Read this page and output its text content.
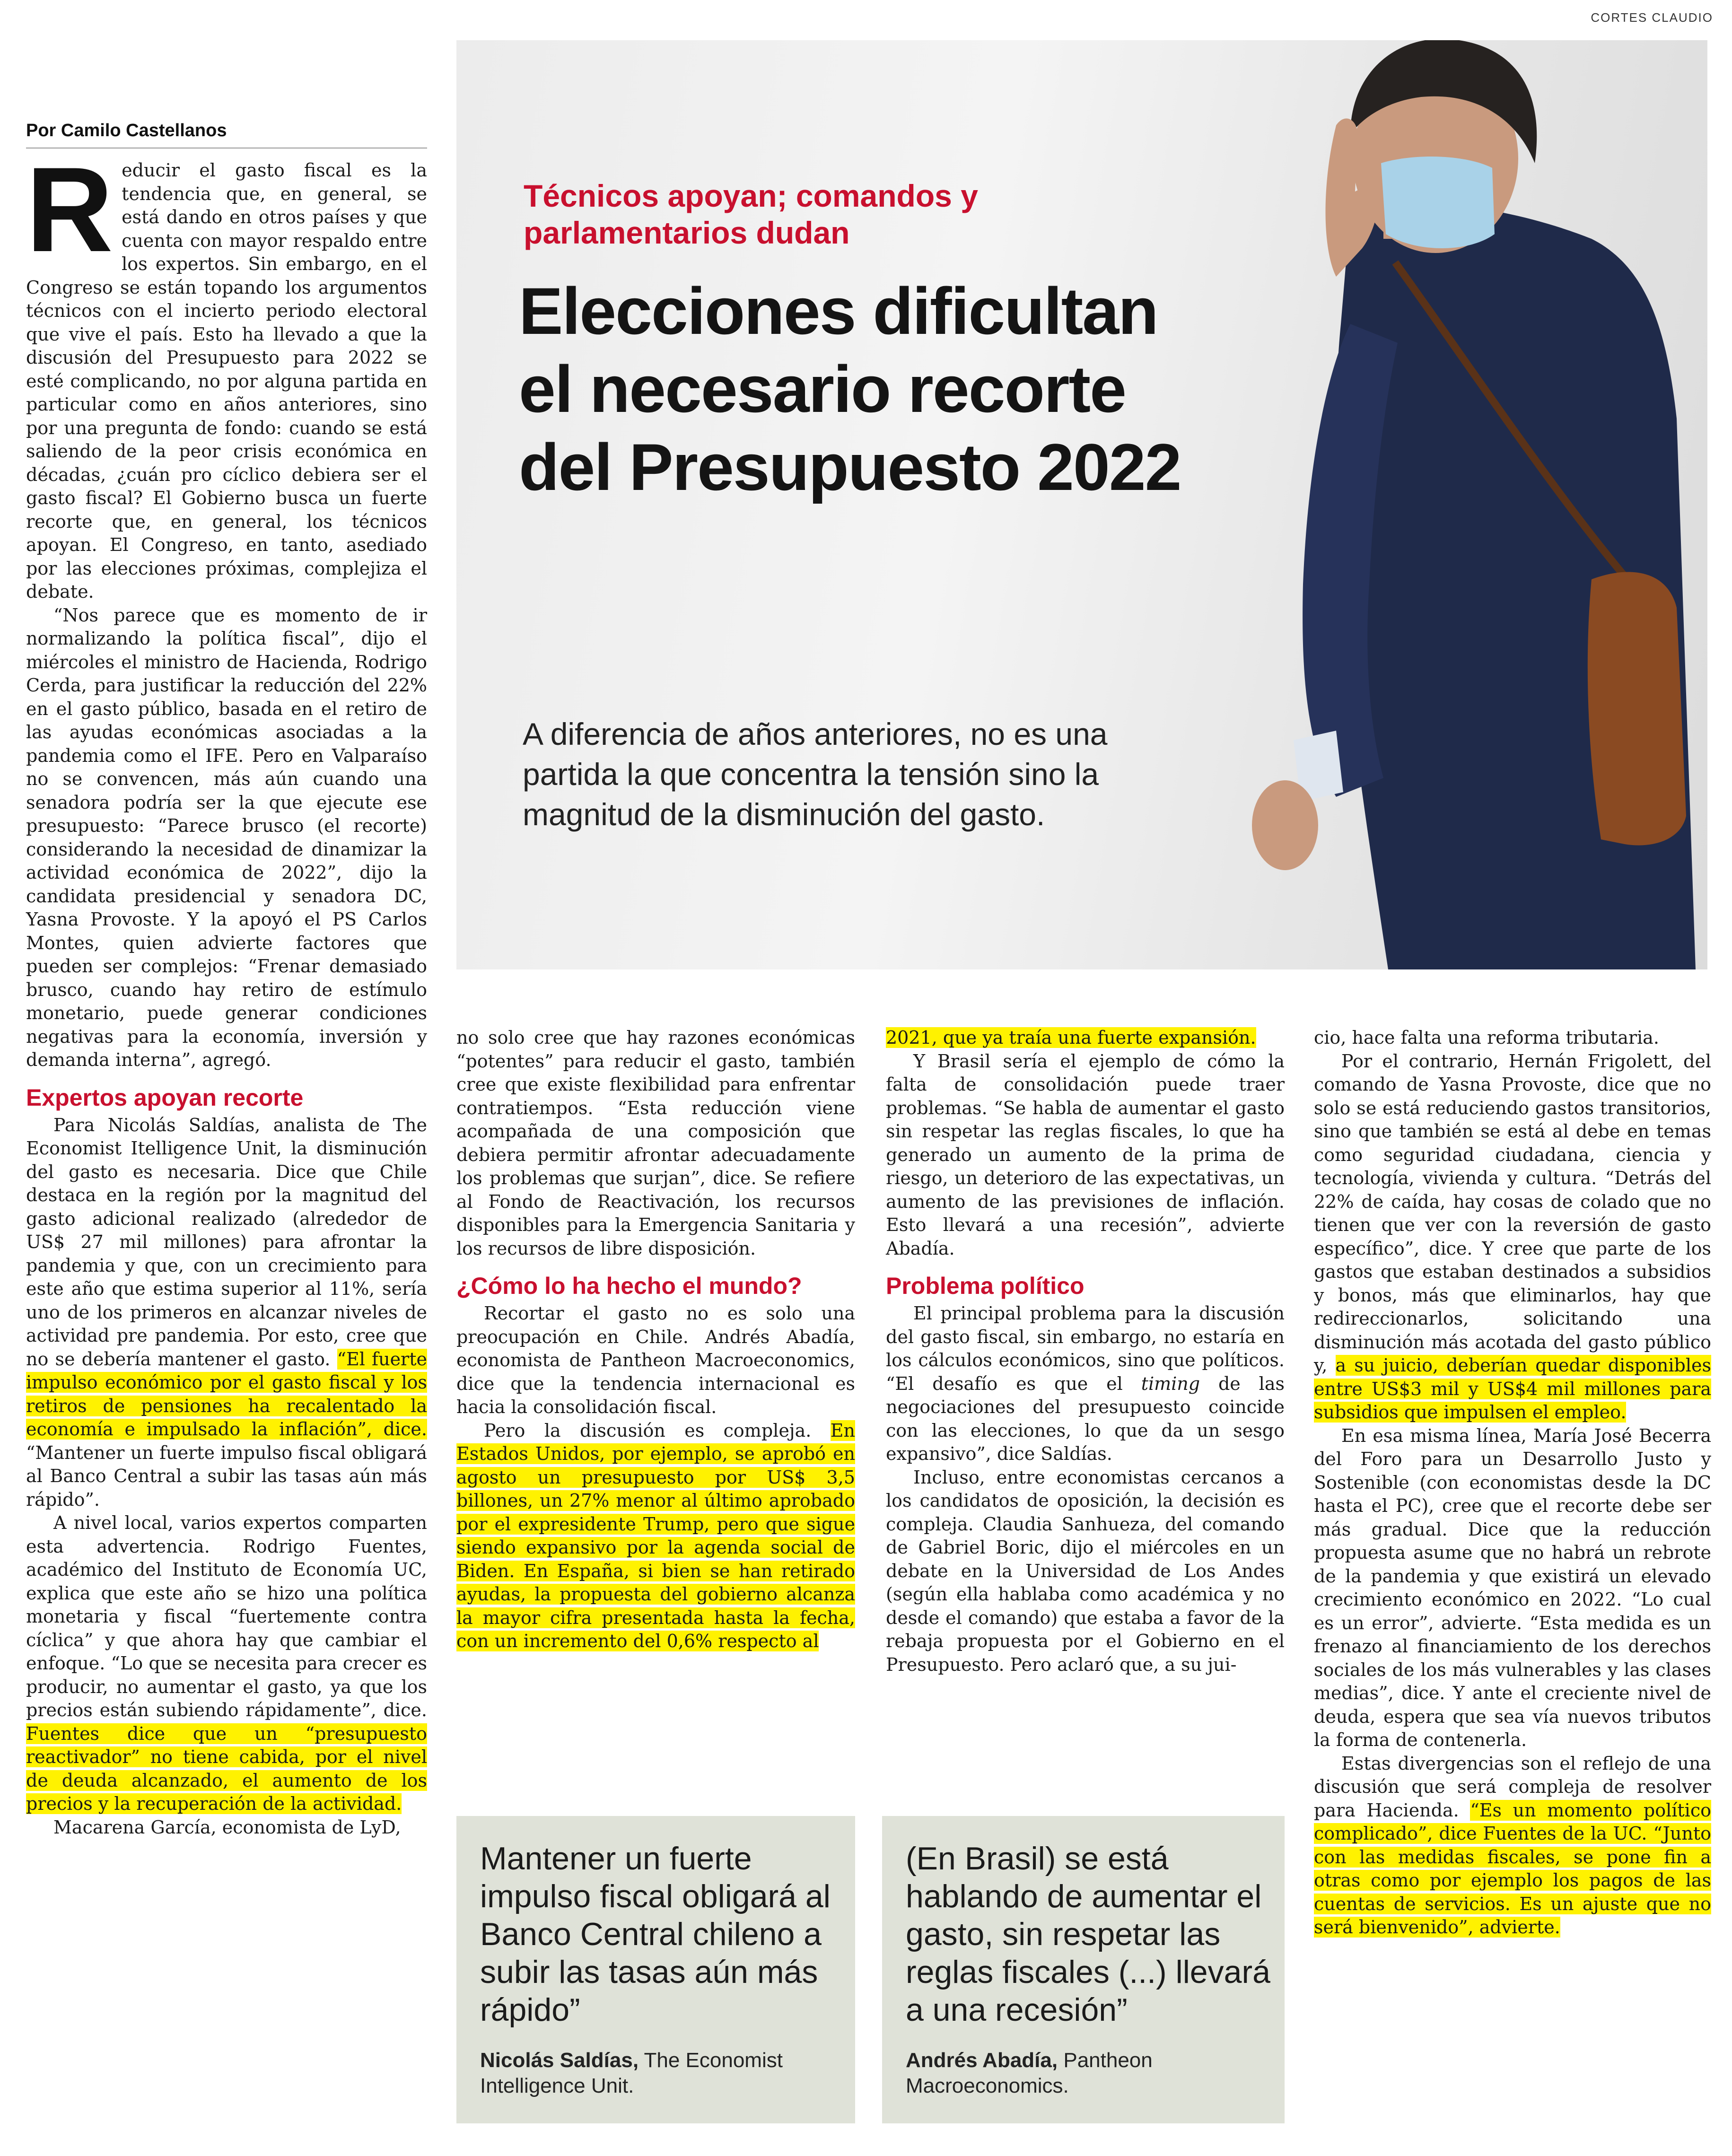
CORTES CLAUDIO
Técnicos apoyan; comandos y parlamentarios dudan
Elecciones dificultan el necesario recorte del Presupuesto 2022
A diferencia de años anteriores, no es una partida la que concentra la tensión sino la magnitud de la disminución del gasto.
Por Camilo Castellanos

Reducir el gasto fiscal es la tendencia que, en general, se está dando en otros países y que cuenta con mayor respaldo entre los expertos. Sin embargo, en el Congreso se están topando los argumentos técnicos con el incierto periodo electoral que vive el país. Esto ha llevado a que la discusión del Presupuesto para 2022 se esté complicando, no por alguna partida en particular como en años anteriores, sino por una pregunta de fondo: cuando se está saliendo de la peor crisis económica en décadas, ¿cuán pro cíclico debiera ser el gasto fiscal? El Gobierno busca un fuerte recorte que, en general, los técnicos apoyan. El Congreso, en tanto, asediado por las elecciones próximas, complejiza el debate.

“Nos parece que es momento de ir normalizando la política fiscal”, dijo el miércoles el ministro de Hacienda, Rodrigo Cerda, para justificar la reducción del 22% en el gasto público, basada en el retiro de las ayudas económicas asociadas a la pandemia como el IFE. Pero en Valparaíso no se convencen, más aún cuando una senadora podría ser la que ejecute ese presupuesto: “Parece brusco (el recorte) considerando la necesidad de dinamizar la actividad económica de 2022”, dijo la candidata presidencial y senadora DC, Yasna Provoste. Y la apoyó el PS Carlos Montes, quien advierte factores que pueden ser complejos: “Frenar demasiado brusco, cuando hay retiro de estímulo monetario, puede generar condiciones negativas para la economía, inversión y demanda interna”, agregó.

Expertos apoyan recorte

Para Nicolás Saldías, analista de The Economist Itelligence Unit, la disminución del gasto es necesaria. Dice que Chile destaca en la región por la magnitud del gasto adicional realizado (alrededor de US$ 27 mil millones) para afrontar la pandemia y que, con un crecimiento para este año que estima superior al 11%, sería uno de los primeros en alcanzar niveles de actividad pre pandemia. Por esto, cree que no se debería mantener el gasto. “El fuerte impulso económico por el gasto fiscal y los retiros de pensiones ha recalentado la economía e impulsado la inflación”, dice. “Mantener un fuerte impulso fiscal obligará al Banco Central a subir las tasas aún más rápido”.

A nivel local, varios expertos comparten esta advertencia. Rodrigo Fuentes, académico del Instituto de Economía UC, explica que este año se hizo una política monetaria y fiscal “fuertemente contra cíclica” y que ahora hay que cambiar el enfoque. “Lo que se necesita para crecer es producir, no aumentar el gasto, ya que los precios están subiendo rápidamente”, dice. Fuentes dice que un “presupuesto reactivador” no tiene cabida, por el nivel de deuda alcanzado, el aumento de los precios y la recuperación de la actividad.

Macarena García, economista de LyD,

no solo cree que hay razones económicas “potentes” para reducir el gasto, también cree que existe flexibilidad para enfrentar contratiempos. “Esta reducción viene acompañada de una composición que debiera permitir afrontar adecuadamente los problemas que surjan”, dice. Se refiere al Fondo de Reactivación, los recursos disponibles para la Emergencia Sanitaria y los recursos de libre disposición.

¿Cómo lo ha hecho el mundo?

Recortar el gasto no es solo una preocupación en Chile. Andrés Abadía, economista de Pantheon Macroeconomics, dice que la tendencia internacional es hacia la consolidación fiscal.

Pero la discusión es compleja. En Estados Unidos, por ejemplo, se aprobó en agosto un presupuesto por US$ 3,5 billones, un 27% menor al último aprobado por el expresidente Trump, pero que sigue siendo expansivo por la agenda social de Biden. En España, si bien se han retirado ayudas, la propuesta del gobierno alcanza la mayor cifra presentada hasta la fecha, con un incremento del 0,6% respecto al

2021, que ya traía una fuerte expansión.

Y Brasil sería el ejemplo de cómo la falta de consolidación puede traer problemas. “Se habla de aumentar el gasto sin respetar las reglas fiscales, lo que ha generado un aumento de la prima de riesgo, un deterioro de las expectativas, un aumento de las previsiones de inflación. Esto llevará a una recesión”, advierte Abadía.

Problema político

El principal problema para la discusión del gasto fiscal, sin embargo, no estaría en los cálculos económicos, sino que políticos. “El desafío es que el timing de las negociaciones del presupuesto coincide con las elecciones, lo que da un sesgo expansivo”, dice Saldías.

Incluso, entre economistas cercanos a los candidatos de oposición, la decisión es compleja. Claudia Sanhueza, del comando de Gabriel Boric, dijo el miércoles en un debate en la Universidad de Los Andes (según ella hablaba como académica y no desde el comando) que estaba a favor de la rebaja propuesta por el Gobierno en el Presupuesto. Pero aclaró que, a su jui-

cio, hace falta una reforma tributaria.

Por el contrario, Hernán Frigolett, del comando de Yasna Provoste, dice que no solo se está reduciendo gastos transitorios, sino que también se está al debe en temas como seguridad ciudadana, ciencia y tecnología, vivienda y cultura. “Detrás del 22% de caída, hay cosas de colado que no tienen que ver con la reversión de gasto específico”, dice. Y cree que parte de los gastos que estaban destinados a subsidios y bonos, más que eliminarlos, hay que redireccionarlos, solicitando una disminución más acotada del gasto público y, a su juicio, deberían quedar disponibles entre US$3 mil y US$4 mil millones para subsidios que impulsen el empleo.

En esa misma línea, María José Becerra del Foro para un Desarrollo Justo y Sostenible (con economistas desde la DC hasta el PC), cree que el recorte debe ser más gradual. Dice que la reducción propuesta asume que no habrá un rebrote de la pandemia y que existirá un elevado crecimiento económico en 2022. “Lo cual es un error”, advierte. “Esta medida es un frenazo al financiamiento de los derechos sociales de los más vulnerables y las clases medias”, dice. Y ante el creciente nivel de deuda, espera que sea vía nuevos tributos la forma de contenerla.

Estas divergencias son el reflejo de una discusión que será compleja de resolver para Hacienda. “Es un momento político complicado”, dice Fuentes de la UC. “Junto con las medidas fiscales, se pone fin a otras como por ejemplo los pagos de las cuentas de servicios. Es un ajuste que no será bienvenido”, advierte.

Mantener un fuerte impulso fiscal obligará al Banco Central chileno a subir las tasas aún más rápido”
Nicolás Saldías, The Economist Intelligence Unit.
(En Brasil) se está hablando de aumentar el gasto, sin respetar las reglas fiscales (...) llevará a una recesión”
Andrés Abadía, Pantheon Macroeconomics.
